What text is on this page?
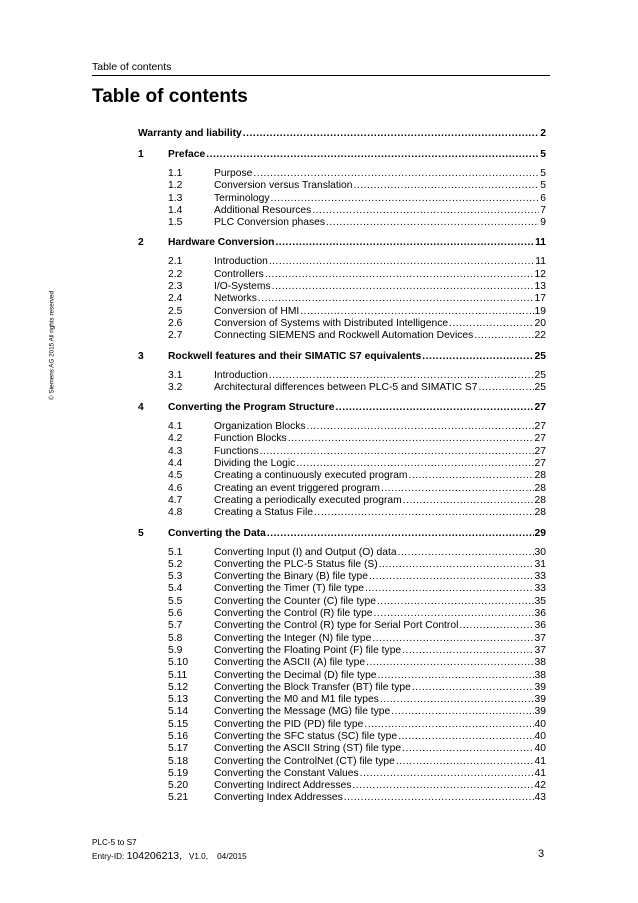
Table of contents
Table of contents
© Siemens AG 2015 All rights reserved
Warranty and liability .....	2
1	Preface .....	5
1.1	Purpose .....	5
1.2	Conversion versus Translation .....	5
1.3	Terminology .....	6
1.4	Additional Resources .....	7
1.5	PLC Conversion phases .....	9
2	Hardware Conversion .....	11
2.1	Introduction .....	11
2.2	Controllers .....	12
2.3	I/O-Systems .....	13
2.4	Networks .....	17
2.5	Conversion of HMI .....	19
2.6	Conversion of Systems with Distributed Intelligence .....	20
2.7	Connecting SIEMENS and Rockwell Automation Devices .....	22
3	Rockwell features and their SIMATIC S7 equivalents .....	25
3.1	Introduction .....	25
3.2	Architectural differences between PLC-5 and SIMATIC S7 .....	25
4	Converting the Program Structure .....	27
4.1	Organization Blocks .....	27
4.2	Function Blocks .....	27
4.3	Functions .....	27
4.4	Dividing the Logic .....	27
4.5	Creating a continuously executed program .....	28
4.6	Creating an event triggered program .....	28
4.7	Creating a periodically executed program .....	28
4.8	Creating a Status File .....	28
5	Converting the Data .....	29
5.1	Converting Input (I) and Output (O) data .....	30
5.2	Converting the PLC-5 Status file (S) .....	31
5.3	Converting the Binary (B) file type .....	33
5.4	Converting the Timer (T) file type .....	33
5.5	Converting the Counter (C) file type .....	35
5.6	Converting the Control (R) file type .....	36
5.7	Converting the Control (R) type for Serial Port Control .....	36
5.8	Converting the Integer (N) file type .....	37
5.9	Converting the Floating Point (F) file type .....	37
5.10	Converting the ASCII (A) file type .....	38
5.11	Converting the Decimal (D) file type .....	38
5.12	Converting the Block Transfer (BT) file type .....	39
5.13	Converting the M0 and M1 file types .....	39
5.14	Converting the Message (MG) file type .....	39
5.15	Converting the PID (PD) file type .....	40
5.16	Converting the SFC status (SC) file type .....	40
5.17	Converting the ASCII String (ST) file type .....	40
5.18	Converting the ControlNet (CT) file type .....	41
5.19	Converting the Constant Values .....	41
5.20	Converting Indirect Addresses .....	42
5.21	Converting Index Addresses .....	43
PLC-5 to S7
Entry-ID: 104206213, V1.0, 04/2015	3
